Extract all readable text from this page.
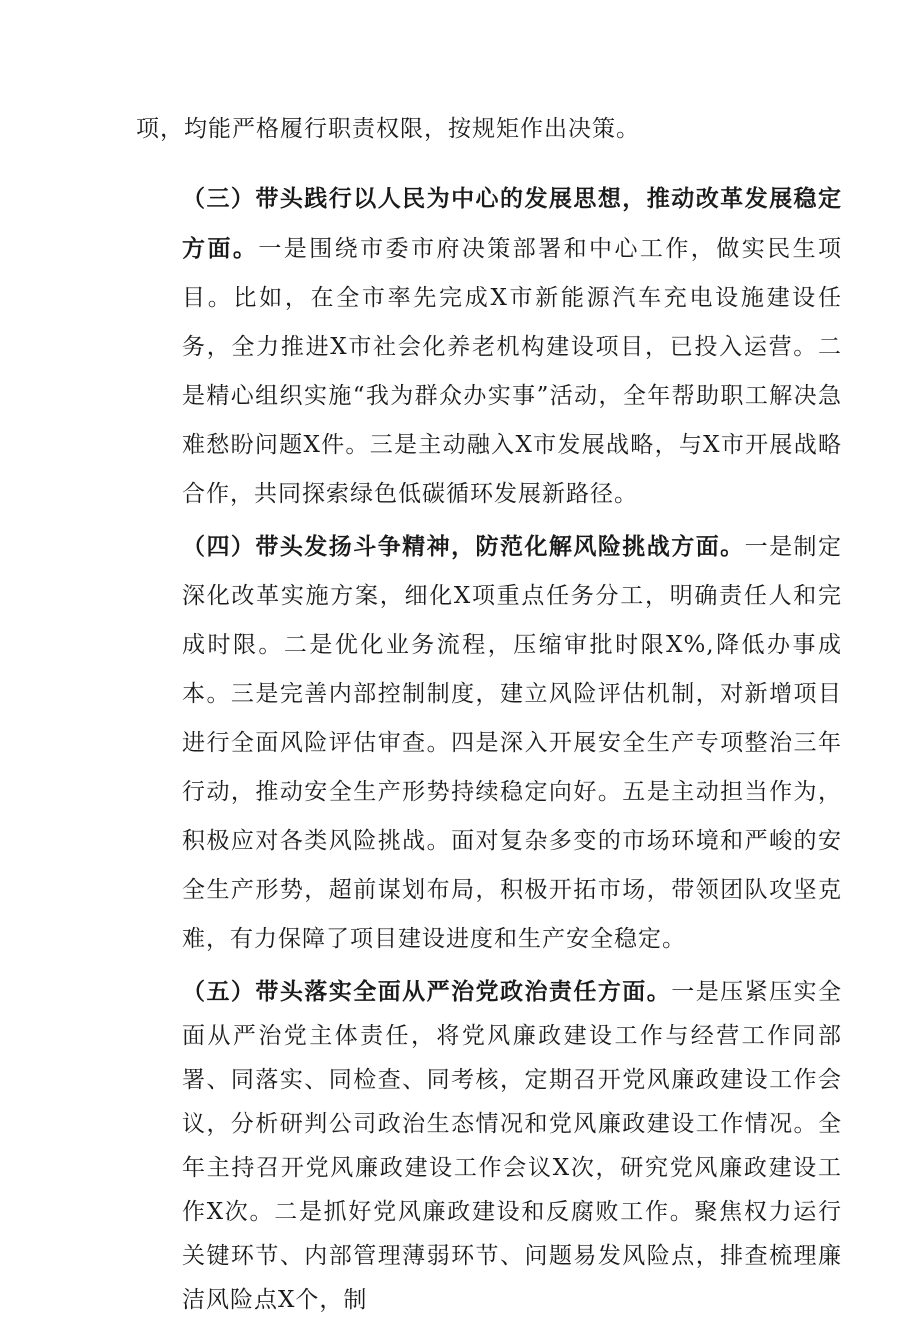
项，均能严格履行职责权限，按规矩作出决策。

（三）带头践行以人民为中心的发展思想，推动改革发展稳定方面。一是围绕市委市府决策部署和中心工作，做实民生项目。比如，在全市率先完成X市新能源汽车充电设施建设任务，全力推进X市社会化养老机构建设项目，已投入运营。二是精心组织实施“我为群众办实事”活动，全年帮助职工解决急难愁盼问题X件。三是主动融入X市发展战略，与X市开展战略合作，共同探索绿色低碳循环发展新路径。

（四）带头发扬斗争精神，防范化解风险挑战方面。一是制定深化改革实施方案，细化X项重点任务分工，明确责任人和完成时限。二是优化业务流程，压缩审批时限X%,降低办事成本。三是完善内部控制制度，建立风险评估机制，对新增项目进行全面风险评估审查。四是深入开展安全生产专项整治三年行动，推动安全生产形势持续稳定向好。五是主动担当作为，积极应对各类风险挑战。面对复杂多变的市场环境和严峻的安全生产形势，超前谋划布局，积极开拓市场，带领团队攻坚克难，有力保障了项目建设进度和生产安全稳定。

（五）带头落实全面从严治党政治责任方面。一是压紧压实全面从严治党主体责任，将党风廉政建设工作与经营工作同部署、同落实、同检查、同考核，定期召开党风廉政建设工作会议，分析研判公司政治生态情况和党风廉政建设工作情况。全年主持召开党风廉政建设工作会议X次，研究党风廉政建设工作X次。二是抓好党风廉政建设和反腐败工作。聚焦权力运行关键环节、内部管理薄弱环节、问题易发风险点，排查梳理廉洁风险点X个，制
